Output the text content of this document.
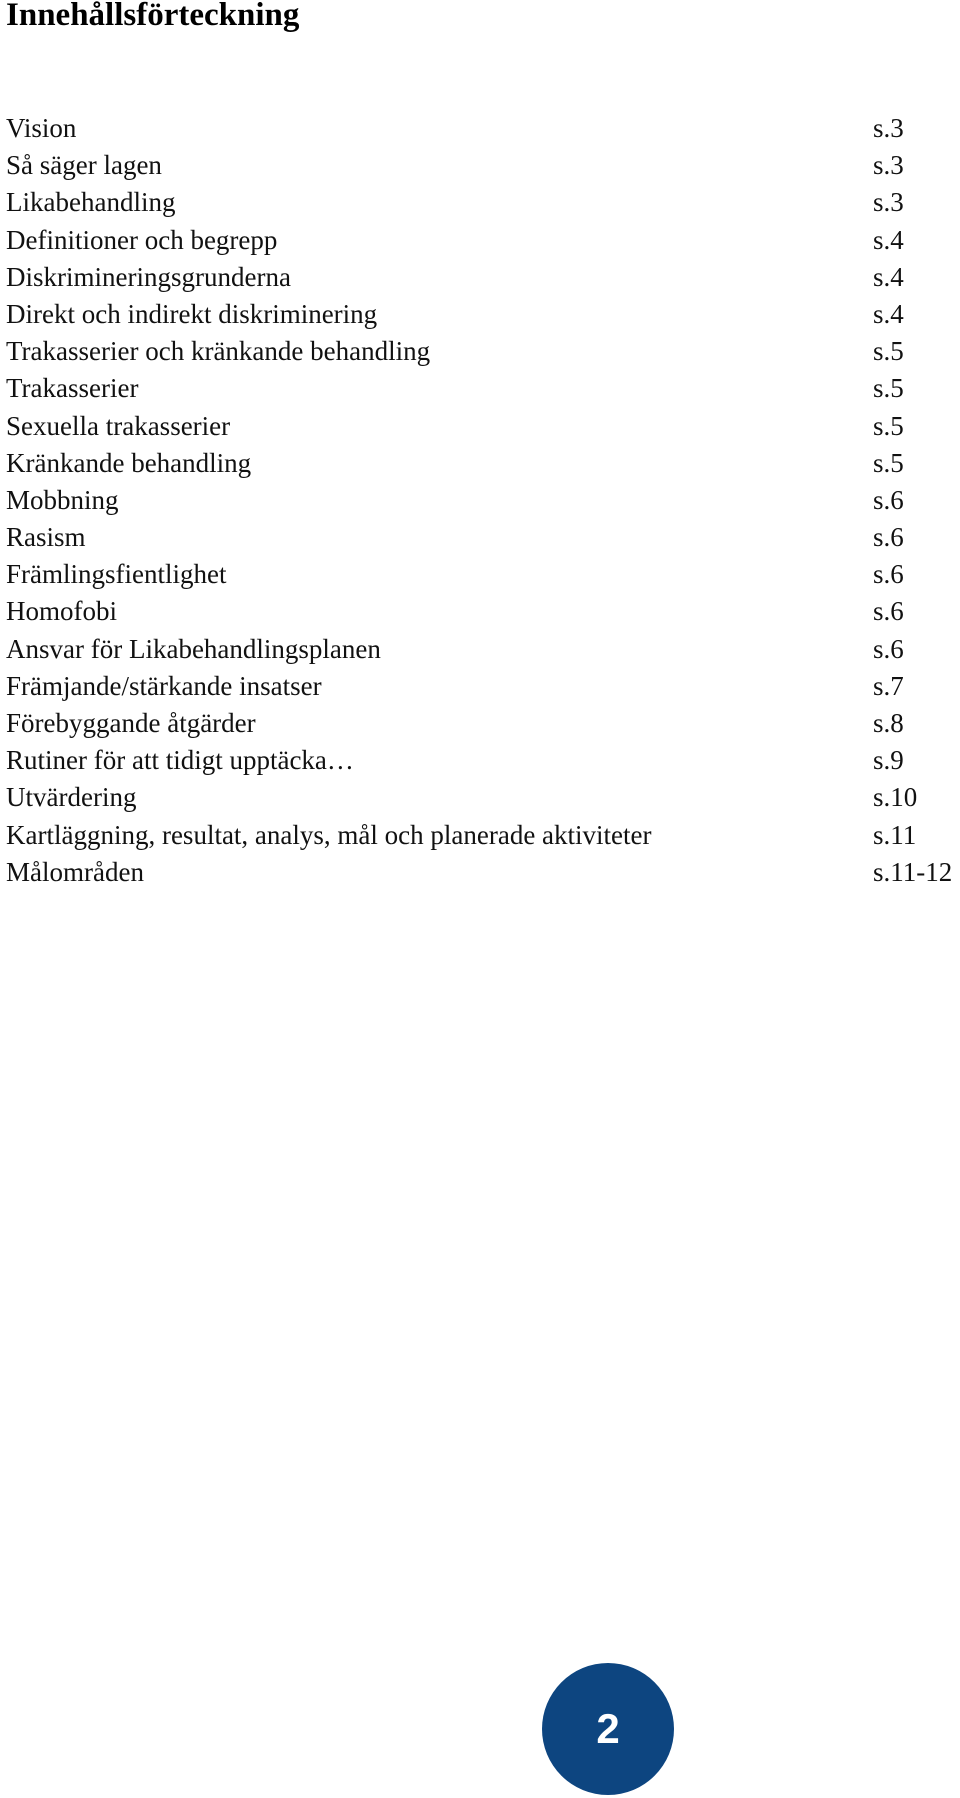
Innehållsförteckning
Vision	s.3
Så säger lagen	s.3
Likabehandling	s.3
Definitioner och begrepp	s.4
Diskrimineringsgrunderna	s.4
Direkt och indirekt diskriminering	s.4
Trakasserier och kränkande behandling	s.5
Trakasserier	s.5
Sexuella trakasserier	s.5
Kränkande behandling	s.5
Mobbning	s.6
Rasism	s.6
Främlingsfientlighet	s.6
Homofobi	s.6
Ansvar för Likabehandlingsplanen	s.6
Främjande/stärkande insatser	s.7
Förebyggande åtgärder	s.8
Rutiner för att tidigt upptäcka…	s.9
Utvärdering	s.10
Kartläggning, resultat, analys, mål och planerade aktiviteter	s.11
Målområden	s.11-12
2
